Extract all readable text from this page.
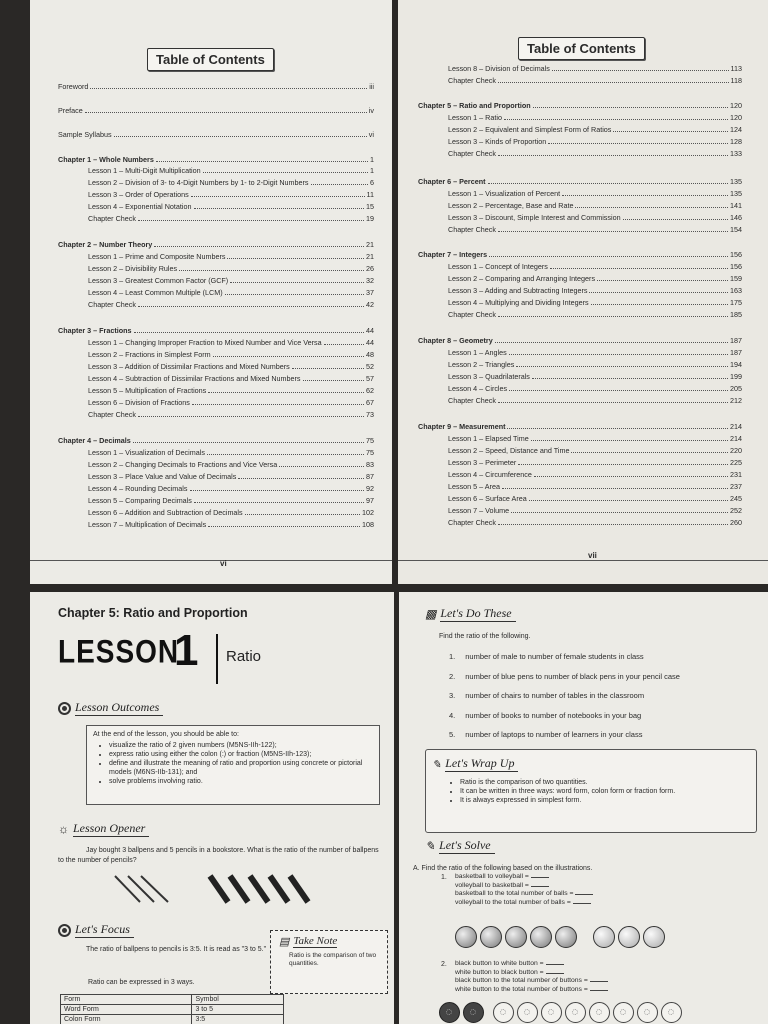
Table of Contents
Foreword	iii
Preface	iv
Sample Syllabus	vi
Chapter 1 – Whole Numbers	1
Lesson 1 – Multi-Digit Multiplication	1
Lesson 2 – Division of 3- to 4-Digit Numbers by 1- to 2-Digit Numbers	6
Lesson 3 – Order of Operations	11
Lesson 4 – Exponential Notation	15
Chapter Check	19
Chapter 2 – Number Theory	21
Lesson 1 – Prime and Composite Numbers	21
Lesson 2 – Divisibility Rules	26
Lesson 3 – Greatest Common Factor (GCF)	32
Lesson 4 – Least Common Multiple (LCM)	37
Chapter Check	42
Chapter 3 – Fractions	44
Lesson 1 – Changing Improper Fraction to Mixed Number and Vice Versa	44
Lesson 2 – Fractions in Simplest Form	48
Lesson 3 – Addition of Dissimilar Fractions and Mixed Numbers	52
Lesson 4 – Subtraction of Dissimilar Fractions and Mixed Numbers	57
Lesson 5 – Multiplication of Fractions	62
Lesson 6 – Division of Fractions	67
Chapter Check	73
Chapter 4 – Decimals	75
Lesson 1 – Visualization of Decimals	75
Lesson 2 – Changing Decimals to Fractions and Vice Versa	83
Lesson 3 – Place Value and Value of Decimals	87
Lesson 4 – Rounding Decimals	92
Lesson 5 – Comparing Decimals	97
Lesson 6 – Addition and Subtraction of Decimals	102
Lesson 7 – Multiplication of Decimals	108
vi
Table of Contents
Lesson 8 – Division of Decimals	113
Chapter Check	118
Chapter 5 – Ratio and Proportion	120
Lesson 1 – Ratio	120
Lesson 2 – Equivalent and Simplest Form of Ratios	124
Lesson 3 – Kinds of Proportion	128
Chapter Check	133
Chapter 6 – Percent	135
Lesson 1 – Visualization of Percent	135
Lesson 2 – Percentage, Base and Rate	141
Lesson 3 – Discount, Simple Interest and Commission	146
Chapter Check	154
Chapter 7 – Integers	156
Lesson 1 – Concept of Integers	156
Lesson 2 – Comparing and Arranging Integers	159
Lesson 3 – Adding and Subtracting Integers	163
Lesson 4 – Multiplying and Dividing Integers	175
Chapter Check	185
Chapter 8 – Geometry	187
Lesson 1 – Angles	187
Lesson 2 – Triangles	194
Lesson 3 – Quadrilaterals	199
Lesson 4 – Circles	205
Chapter Check	212
Chapter 9 – Measurement	214
Lesson 1 – Elapsed Time	214
Lesson 2 – Speed, Distance and Time	220
Lesson 3 – Perimeter	225
Lesson 4 – Circumference	231
Lesson 5 – Area	237
Lesson 6 – Surface Area	245
Lesson 7 – Volume	252
Chapter Check	260
vii
Chapter 5: Ratio and Proportion
LESSON
1 Ratio
Lesson Outcomes
At the end of the lesson, you should be able to:
• visualize the ratio of 2 given numbers (M5NS-IIh-122);
• express ratio using either the colon (:) or fraction (M5NS-IIh-123);
• define and illustrate the meaning of ratio and proportion using concrete or pictorial models (M6NS-IIb-131); and
• solve problems involving ratio.
☼ Lesson Opener
Jay bought 3 ballpens and 5 pencils in a bookstore. What is the ratio of the number of ballpens to the number of pencils?
Let's Focus
The ratio of ballpens to pencils is 3:5. It is read as "3 to 5."
Ratio can be expressed in 3 ways.
▤ Take Note
Ratio is the comparison of two quantities.
Form	Symbol
Word Form	3 to 5
Colon Form	3:5
▩ Let's Do These
Find the ratio of the following.
1. number of male to number of female students in class
2. number of blue pens to number of black pens in your pencil case
3. number of chairs to number of tables in the classroom
4. number of books to number of notebooks in your bag
5. number of laptops to number of learners in your class
✎ Let's Wrap Up
• Ratio is the comparison of two quantities.
• It can be written in three ways: word form, colon form or fraction form.
• It is always expressed in simplest form.
✎ Let's Solve
A. Find the ratio of the following based on the illustrations.
1. basketball to volleyball =
volleyball to basketball =
basketball to the total number of balls =
volleyball to the total number of balls =
2. black button to white button =
white button to black button =
black button to the total number of buttons =
white button to the total number of buttons =
